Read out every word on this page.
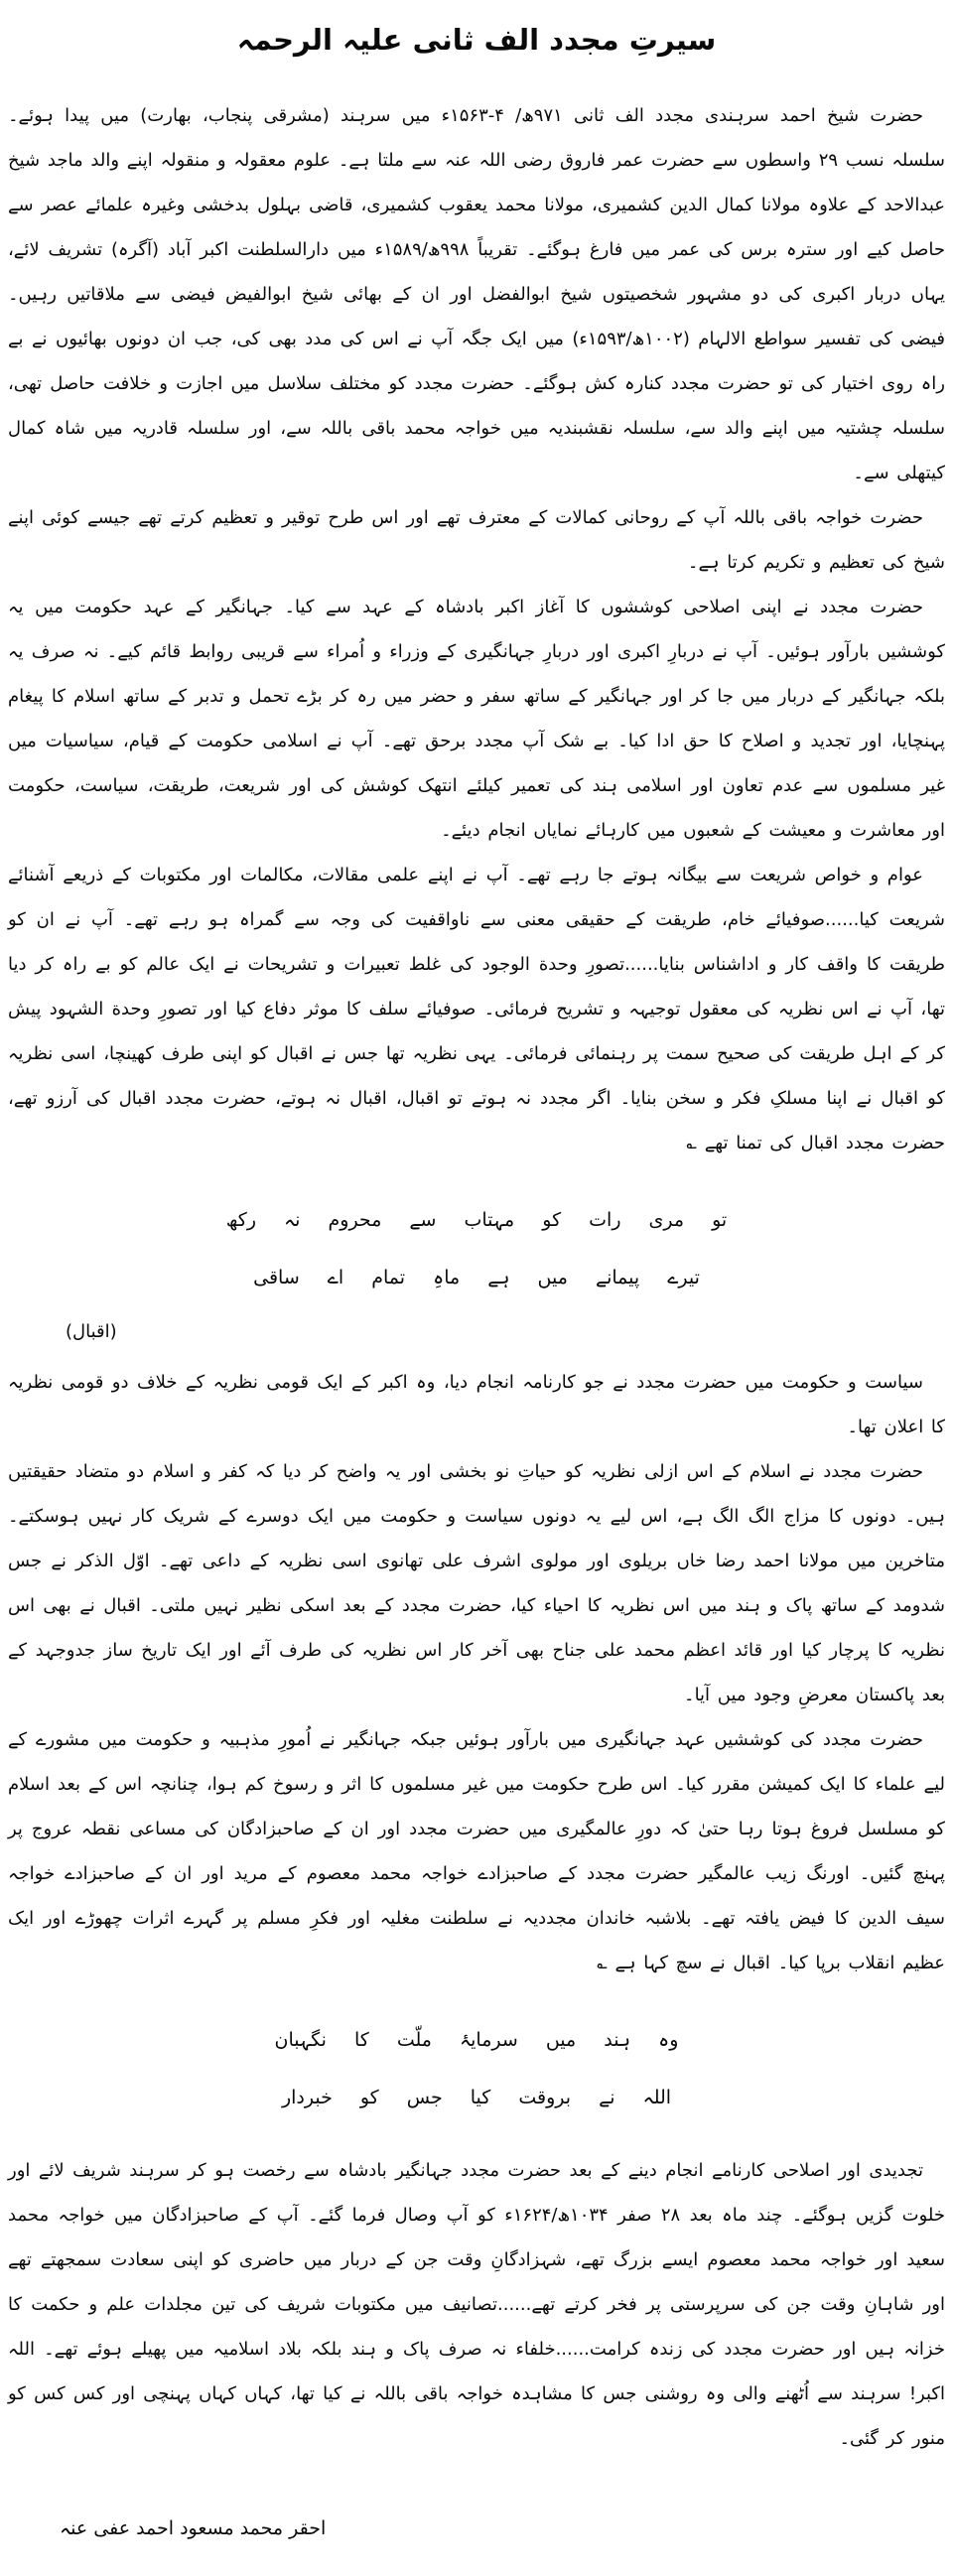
سیرتِ مجدد الف ثانی علیہ الرحمہ

حضرت شیخ احمد سرہندی مجدد الف ثانی ۹۷۱ھ/ ۴-۱۵۶۳ء میں سرہند (مشرقی پنجاب، بھارت) میں پیدا ہوئے۔ سلسلہ نسب ۲۹ واسطوں سے حضرت عمر فاروق رضی اللہ عنہ سے ملتا ہے۔ علوم معقولہ و منقولہ اپنے والد ماجد شیخ عبدالاحد کے علاوہ مولانا کمال الدین کشمیری، مولانا محمد یعقوب کشمیری، قاضی بہلول بدخشی وغیرہ علمائے عصر سے حاصل کیے اور سترہ برس کی عمر میں فارغ ہوگئے۔ تقریباً ۹۹۸ھ/۱۵۸۹ء میں دارالسلطنت اکبر آباد (آگرہ) تشریف لائے، یہاں دربار اکبری کی دو مشہور شخصیتوں شیخ ابوالفضل اور ان کے بھائی شیخ ابوالفیض فیضی سے ملاقاتیں رہیں۔ فیضی کی تفسیر سواطع الالہام (۱۰۰۲ھ/۱۵۹۳ء) میں ایک جگہ آپ نے اس کی مدد بھی کی، جب ان دونوں بھائیوں نے بے راہ روی اختیار کی تو حضرت مجدد کنارہ کش ہوگئے۔ حضرت مجدد کو مختلف سلاسل میں اجازت و خلافت حاصل تھی، سلسلہ چشتیہ میں اپنے والد سے، سلسلہ نقشبندیہ میں خواجہ محمد باقی باللہ سے، اور سلسلہ قادریہ میں شاہ کمال کیتھلی سے۔

حضرت خواجہ باقی باللہ آپ کے روحانی کمالات کے معترف تھے اور اس طرح توقیر و تعظیم کرتے تھے جیسے کوئی اپنے شیخ کی تعظیم و تکریم کرتا ہے۔

حضرت مجدد نے اپنی اصلاحی کوششوں کا آغاز اکبر بادشاہ کے عہد سے کیا۔ جہانگیر کے عہد حکومت میں یہ کوششیں بارآور ہوئیں۔ آپ نے دربارِ اکبری اور دربارِ جہانگیری کے وزراء و اُمراء سے قریبی روابط قائم کیے۔ نہ صرف یہ بلکہ جہانگیر کے دربار میں جا کر اور جہانگیر کے ساتھ سفر و حضر میں رہ کر بڑے تحمل و تدبر کے ساتھ اسلام کا پیغام پہنچایا، اور تجدید و اصلاح کا حق ادا کیا۔ بے شک آپ مجدد برحق تھے۔ آپ نے اسلامی حکومت کے قیام، سیاسیات میں غیر مسلموں سے عدم تعاون اور اسلامی ہند کی تعمیر کیلئے انتھک کوشش کی اور شریعت، طریقت، سیاست، حکومت اور معاشرت و معیشت کے شعبوں میں کارہائے نمایاں انجام دیئے۔

عوام و خواص شریعت سے بیگانہ ہوتے جا رہے تھے۔ آپ نے اپنے علمی مقالات، مکالمات اور مکتوبات کے ذریعے آشنائے شریعت کیا......صوفیائے خام، طریقت کے حقیقی معنی سے ناواقفیت کی وجہ سے گمراہ ہو رہے تھے۔ آپ نے ان کو طریقت کا واقف کار و اداشناس بنایا......تصورِ وحدة الوجود کی غلط تعبیرات و تشریحات نے ایک عالم کو بے راہ کر دیا تھا، آپ نے اس نظریہ کی معقول توجیہہ و تشریح فرمائی۔ صوفیائے سلف کا موثر دفاع کیا اور تصورِ وحدة الشہود پیش کر کے اہل طریقت کی صحیح سمت پر رہنمائی فرمائی۔ یہی نظریہ تھا جس نے اقبال کو اپنی طرف کھینچا، اسی نظریہ کو اقبال نے اپنا مسلکِ فکر و سخن بنایا۔ اگر مجدد نہ ہوتے تو اقبال، اقبال نہ ہوتے، حضرت مجدد اقبال کی آرزو تھے، حضرت مجدد اقبال کی تمنا تھے ؎

تو مری رات کو مہتاب سے محروم نہ رکھ
تیرے پیمانے میں ہے ماہِ تمام اے ساقی
(اقبال)

سیاست و حکومت میں حضرت مجدد نے جو کارنامہ انجام دیا، وہ اکبر کے ایک قومی نظریہ کے خلاف دو قومی نظریہ کا اعلان تھا۔

حضرت مجدد نے اسلام کے اس ازلی نظریہ کو حیاتِ نو بخشی اور یہ واضح کر دیا کہ کفر و اسلام دو متضاد حقیقتیں ہیں۔ دونوں کا مزاج الگ الگ ہے، اس لیے یہ دونوں سیاست و حکومت میں ایک دوسرے کے شریک کار نہیں ہوسکتے۔ متاخرین میں مولانا احمد رضا خاں بریلوی اور مولوی اشرف علی تھانوی اسی نظریہ کے داعی تھے۔ اوّل الذکر نے جس شدومد کے ساتھ پاک و ہند میں اس نظریہ کا احیاء کیا، حضرت مجدد کے بعد اسکی نظیر نہیں ملتی۔ اقبال نے بھی اس نظریہ کا پرچار کیا اور قائد اعظم محمد علی جناح بھی آخر کار اس نظریہ کی طرف آئے اور ایک تاریخ ساز جدوجہد کے بعد پاکستان معرضِ وجود میں آیا۔

حضرت مجدد کی کوششیں عہد جہانگیری میں بارآور ہوئیں جبکہ جہانگیر نے اُمورِ مذہبیہ و حکومت میں مشورے کے لیے علماء کا ایک کمیشن مقرر کیا۔ اس طرح حکومت میں غیر مسلموں کا اثر و رسوخ کم ہوا، چنانچہ اس کے بعد اسلام کو مسلسل فروغ ہوتا رہا حتیٰ کہ دورِ عالمگیری میں حضرت مجدد اور ان کے صاحبزادگان کی مساعی نقطہ عروج پر پہنچ گئیں۔ اورنگ زیب عالمگیر حضرت مجدد کے صاحبزادے خواجہ محمد معصوم کے مرید اور ان کے صاحبزادے خواجہ سیف الدین کا فیض یافتہ تھے۔ بلاشبہ خاندان مجددیہ نے سلطنت مغلیہ اور فکرِ مسلم پر گہرے اثرات چھوڑے اور ایک عظیم انقلاب برپا کیا۔ اقبال نے سچ کہا ہے ؎

وہ ہند میں سرمایۂ ملّت کا نگہبان
اللہ نے بروقت کیا جس کو خبردار

تجدیدی اور اصلاحی کارنامے انجام دینے کے بعد حضرت مجدد جہانگیر بادشاہ سے رخصت ہو کر سرہند شریف لائے اور خلوت گزیں ہوگئے۔ چند ماہ بعد ۲۸ صفر ۱۰۳۴ھ/۱۶۲۴ء کو آپ وصال فرما گئے۔ آپ کے صاحبزادگان میں خواجہ محمد سعید اور خواجہ محمد معصوم ایسے بزرگ تھے، شہزادگانِ وقت جن کے دربار میں حاضری کو اپنی سعادت سمجھتے تھے اور شاہانِ وقت جن کی سرپرستی پر فخر کرتے تھے......تصانیف میں مکتوبات شریف کی تین مجلدات علم و حکمت کا خزانہ ہیں اور حضرت مجدد کی زندہ کرامت......خلفاء نہ صرف پاک و ہند بلکہ بلاد اسلامیہ میں پھیلے ہوئے تھے۔ اللہ اکبر! سرہند سے اُٹھنے والی وہ روشنی جس کا مشاہدہ خواجہ باقی باللہ نے کیا تھا، کہاں کہاں پہنچی اور کس کس کو منور کر گئی۔

احقر محمد مسعود احمد عفی عنہ
